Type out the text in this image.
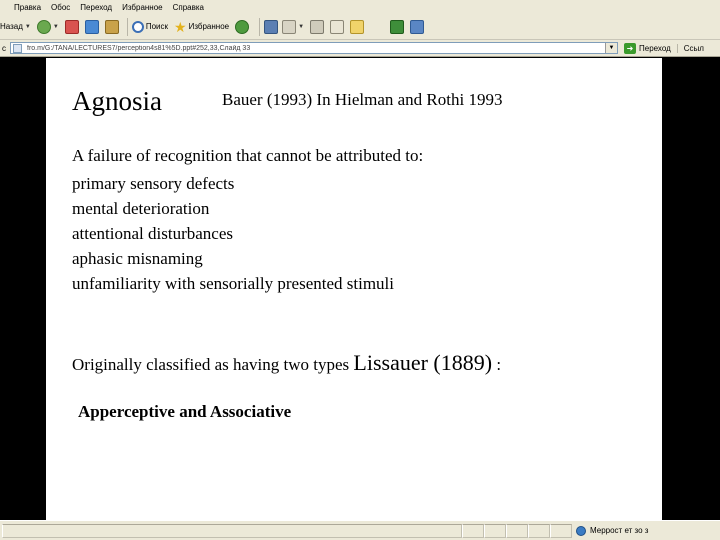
Правка Обос Переход Избранное Справка
Назад ▼	▼	Поиск ★ Избранное	▼
с	fro.m/G:/TANA/LECTURES7/perception4s81%5D.ppt#252,33,Слайд 33	▼	➜ Переход	Ссыл
Agnosia	Bauer (1993) In Hielman and Rothi 1993
A failure of recognition that cannot be attributed to:
primary sensory defects
mental deterioration
attentional disturbances
aphasic misnaming
unfamiliarity with sensorially presented stimuli
Originally classified as having two types Lissauer (1889) :
Apperceptive and Associative
Меррост ет зо з
